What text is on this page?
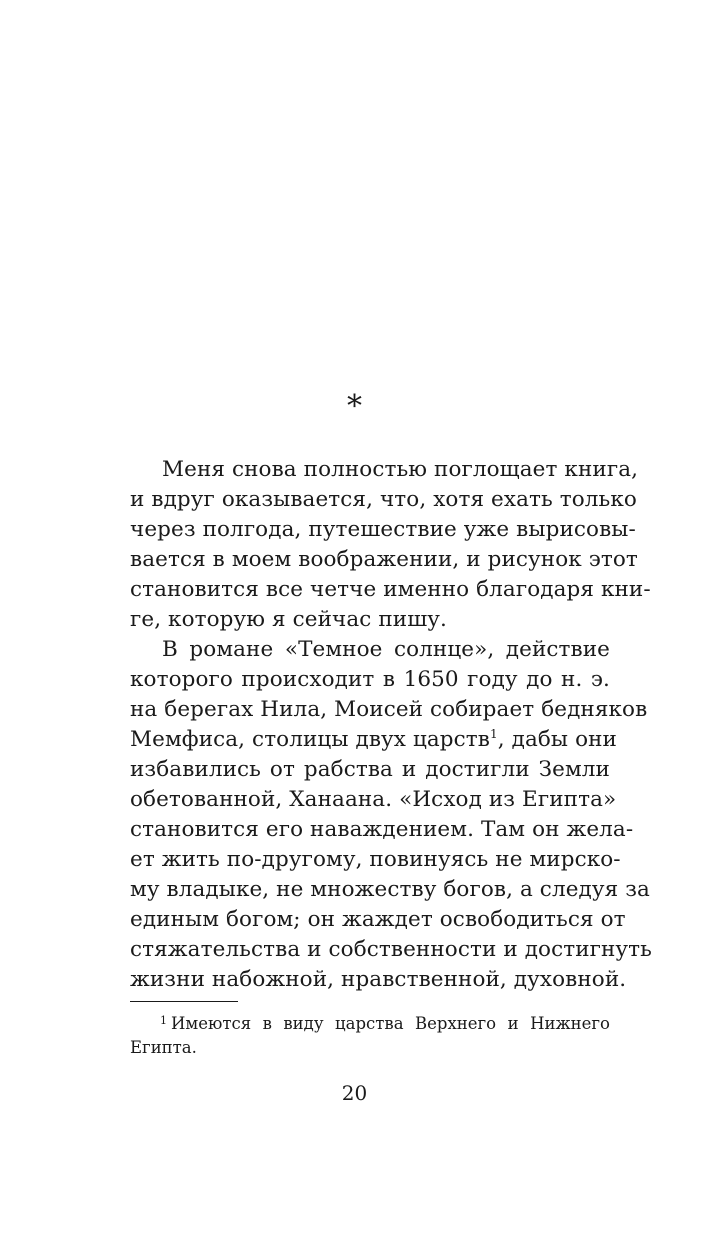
*
Меня снова полностью поглощает книга,
и вдруг оказывается, что, хотя ехать только
через полгода, путешествие уже вырисовы-
вается в моем воображении, и рисунок этот
становится все четче именно благодаря кни-
ге, которую я сейчас пишу.
В романе «Темное солнце», действие
которого происходит в 1650 году до н. э.
на берегах Нила, Моисей собирает бедняков
Мемфиса, столицы двух царств$^1$, дабы они
избавились от рабства и достигли Земли
обетованной, Ханаана. «Исход из Египта»
становится его наваждением. Там он жела-
ет жить по-другому, повинуясь не мирско-
му владыке, не множеству богов, а следуя за
единым богом; он жаждет освободиться от
стяжательства и собственности и достигнуть
жизни набожной, нравственной, духовной.
$^1$ Имеются в виду царства Верхнего и Нижнего
Египта.
20
